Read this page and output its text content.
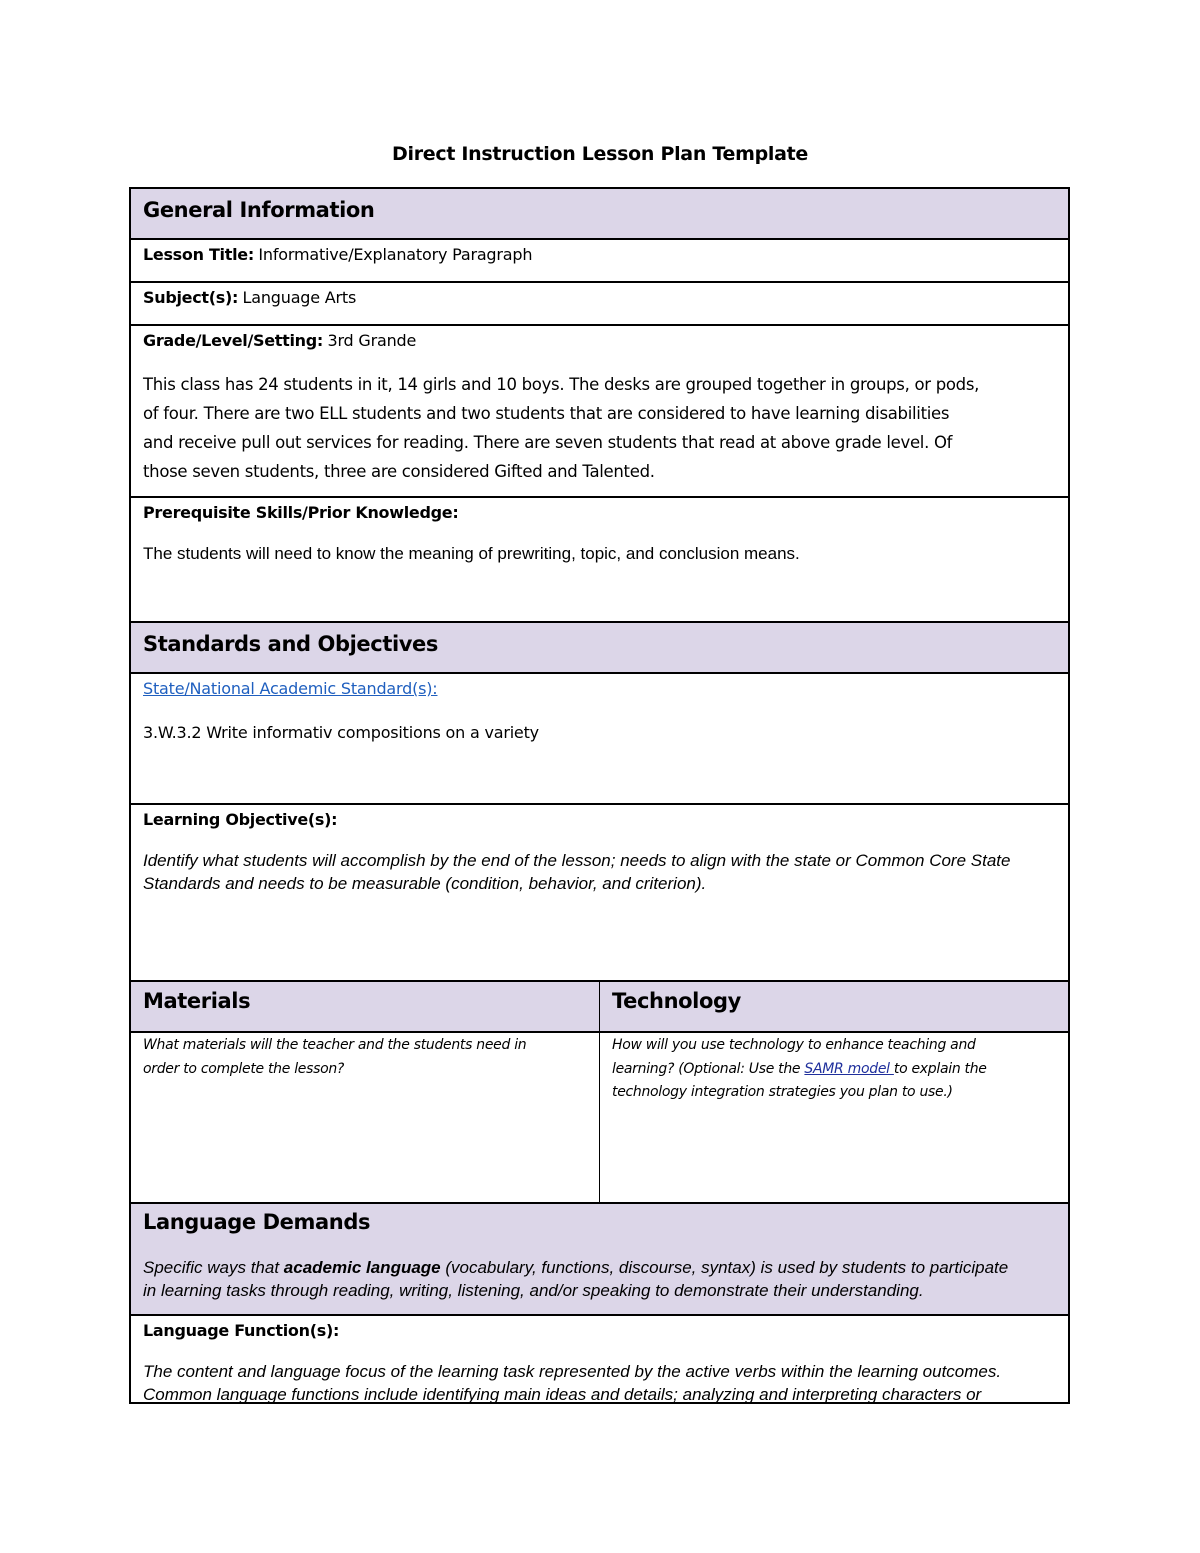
Direct Instruction Lesson Plan Template
General Information
Lesson Title: Informative/Explanatory Paragraph
Subject(s): Language Arts
Grade/Level/Setting: 3rd Grande
This class has 24 students in it, 14 girls and 10 boys. The desks are grouped together in groups, or pods,
of four. There are two ELL students and two students that are considered to have learning disabilities
and receive pull out services for reading. There are seven students that read at above grade level. Of
those seven students, three are considered Gifted and Talented.
Prerequisite Skills/Prior Knowledge:
The students will need to know the meaning of prewriting, topic, and conclusion means.
Standards and Objectives
State/National Academic Standard(s):
3.W.3.2 Write informativ compositions on a variety
Learning Objective(s):
Identify what students will accomplish by the end of the lesson; needs to align with the state or Common Core State
Standards and needs to be measurable (condition, behavior, and criterion).
Materials	Technology
What materials will the teacher and the students need in
order to complete the lesson?
How will you use technology to enhance teaching and
learning? (Optional: Use the SAMR model to explain the
technology integration strategies you plan to use.)
Language Demands
Specific ways that academic language (vocabulary, functions, discourse, syntax) is used by students to participate
in learning tasks through reading, writing, listening, and/or speaking to demonstrate their understanding.
Language Function(s):
The content and language focus of the learning task represented by the active verbs within the learning outcomes.
Common language functions include identifying main ideas and details; analyzing and interpreting characters or
